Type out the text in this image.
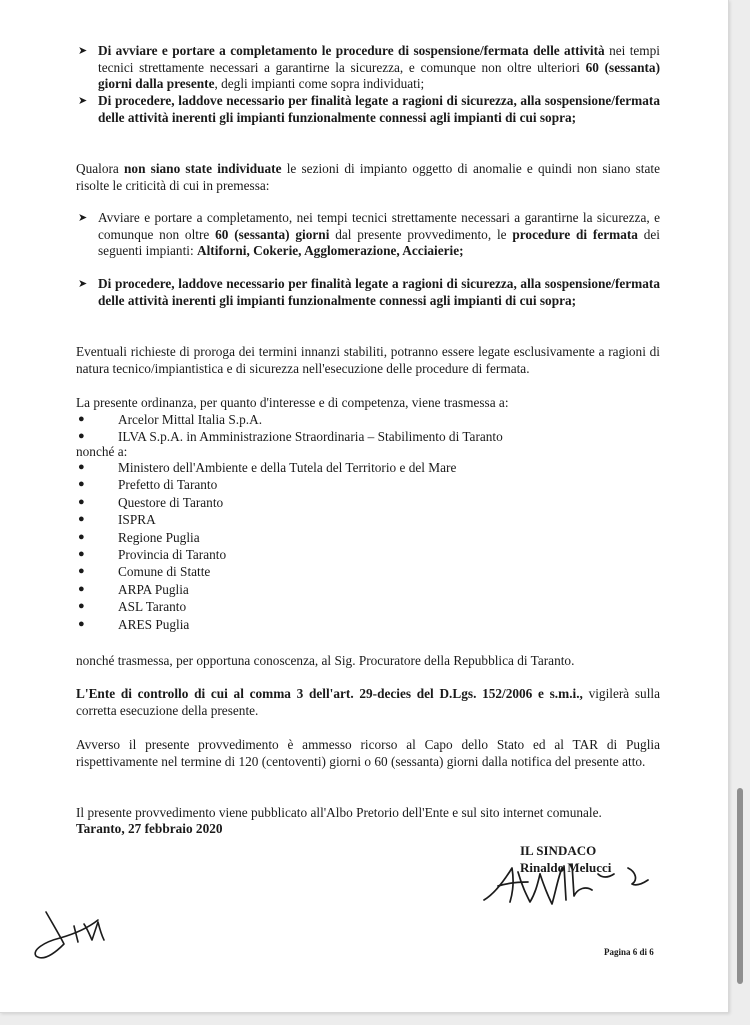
➤ Di avviare e portare a completamento le procedure di sospensione/fermata delle attività nei tempi tecnici strettamente necessari a garantirne la sicurezza, e comunque non oltre ulteriori 60 (sessanta) giorni dalla presente, degli impianti come sopra individuati;
➤ Di procedere, laddove necessario per finalità legate a ragioni di sicurezza, alla sospensione/fermata delle attività inerenti gli impianti funzionalmente connessi agli impianti di cui sopra;

Qualora non siano state individuate le sezioni di impianto oggetto di anomalie e quindi non siano state risolte le criticità di cui in premessa:

➤ Avviare e portare a completamento, nei tempi tecnici strettamente necessari a garantirne la sicurezza, e comunque non oltre 60 (sessanta) giorni dal presente provvedimento, le procedure di fermata dei seguenti impianti: Altiforni, Cokerie, Agglomerazione, Acciaierie;
➤ Di procedere, laddove necessario per finalità legate a ragioni di sicurezza, alla sospensione/fermata delle attività inerenti gli impianti funzionalmente connessi agli impianti di cui sopra;

Eventuali richieste di proroga dei termini innanzi stabiliti, potranno essere legate esclusivamente a ragioni di natura tecnico/impiantistica e di sicurezza nell'esecuzione delle procedure di fermata.

La presente ordinanza, per quanto d'interesse e di competenza, viene trasmessa a:

●	Arcelor Mittal Italia S.p.A.
●	ILVA S.p.A. in Amministrazione Straordinaria – Stabilimento di Taranto
nonché a:
●	Ministero dell'Ambiente e della Tutela del Territorio e del Mare
●	Prefetto di Taranto
●	Questore di Taranto
●	ISPRA
●	Regione Puglia
●	Provincia di Taranto
●	Comune di Statte
●	ARPA Puglia
●	ASL Taranto
●	ARES Puglia

nonché trasmessa, per opportuna conoscenza, al Sig. Procuratore della Repubblica di Taranto.

L'Ente di controllo di cui al comma 3 dell'art. 29-decies del D.Lgs. 152/2006 e s.m.i., vigilerà sulla corretta esecuzione della presente.

Avverso il presente provvedimento è ammesso ricorso al Capo dello Stato ed al TAR di Puglia rispettivamente nel termine di 120 (centoventi) giorni o 60 (sessanta) giorni dalla notifica del presente atto.

Il presente provvedimento viene pubblicato all'Albo Pretorio dell'Ente e sul sito internet comunale.

Taranto, 27 febbraio 2020
IL SINDACO
Rinaldo Melucci
Pagina 6 di 6
